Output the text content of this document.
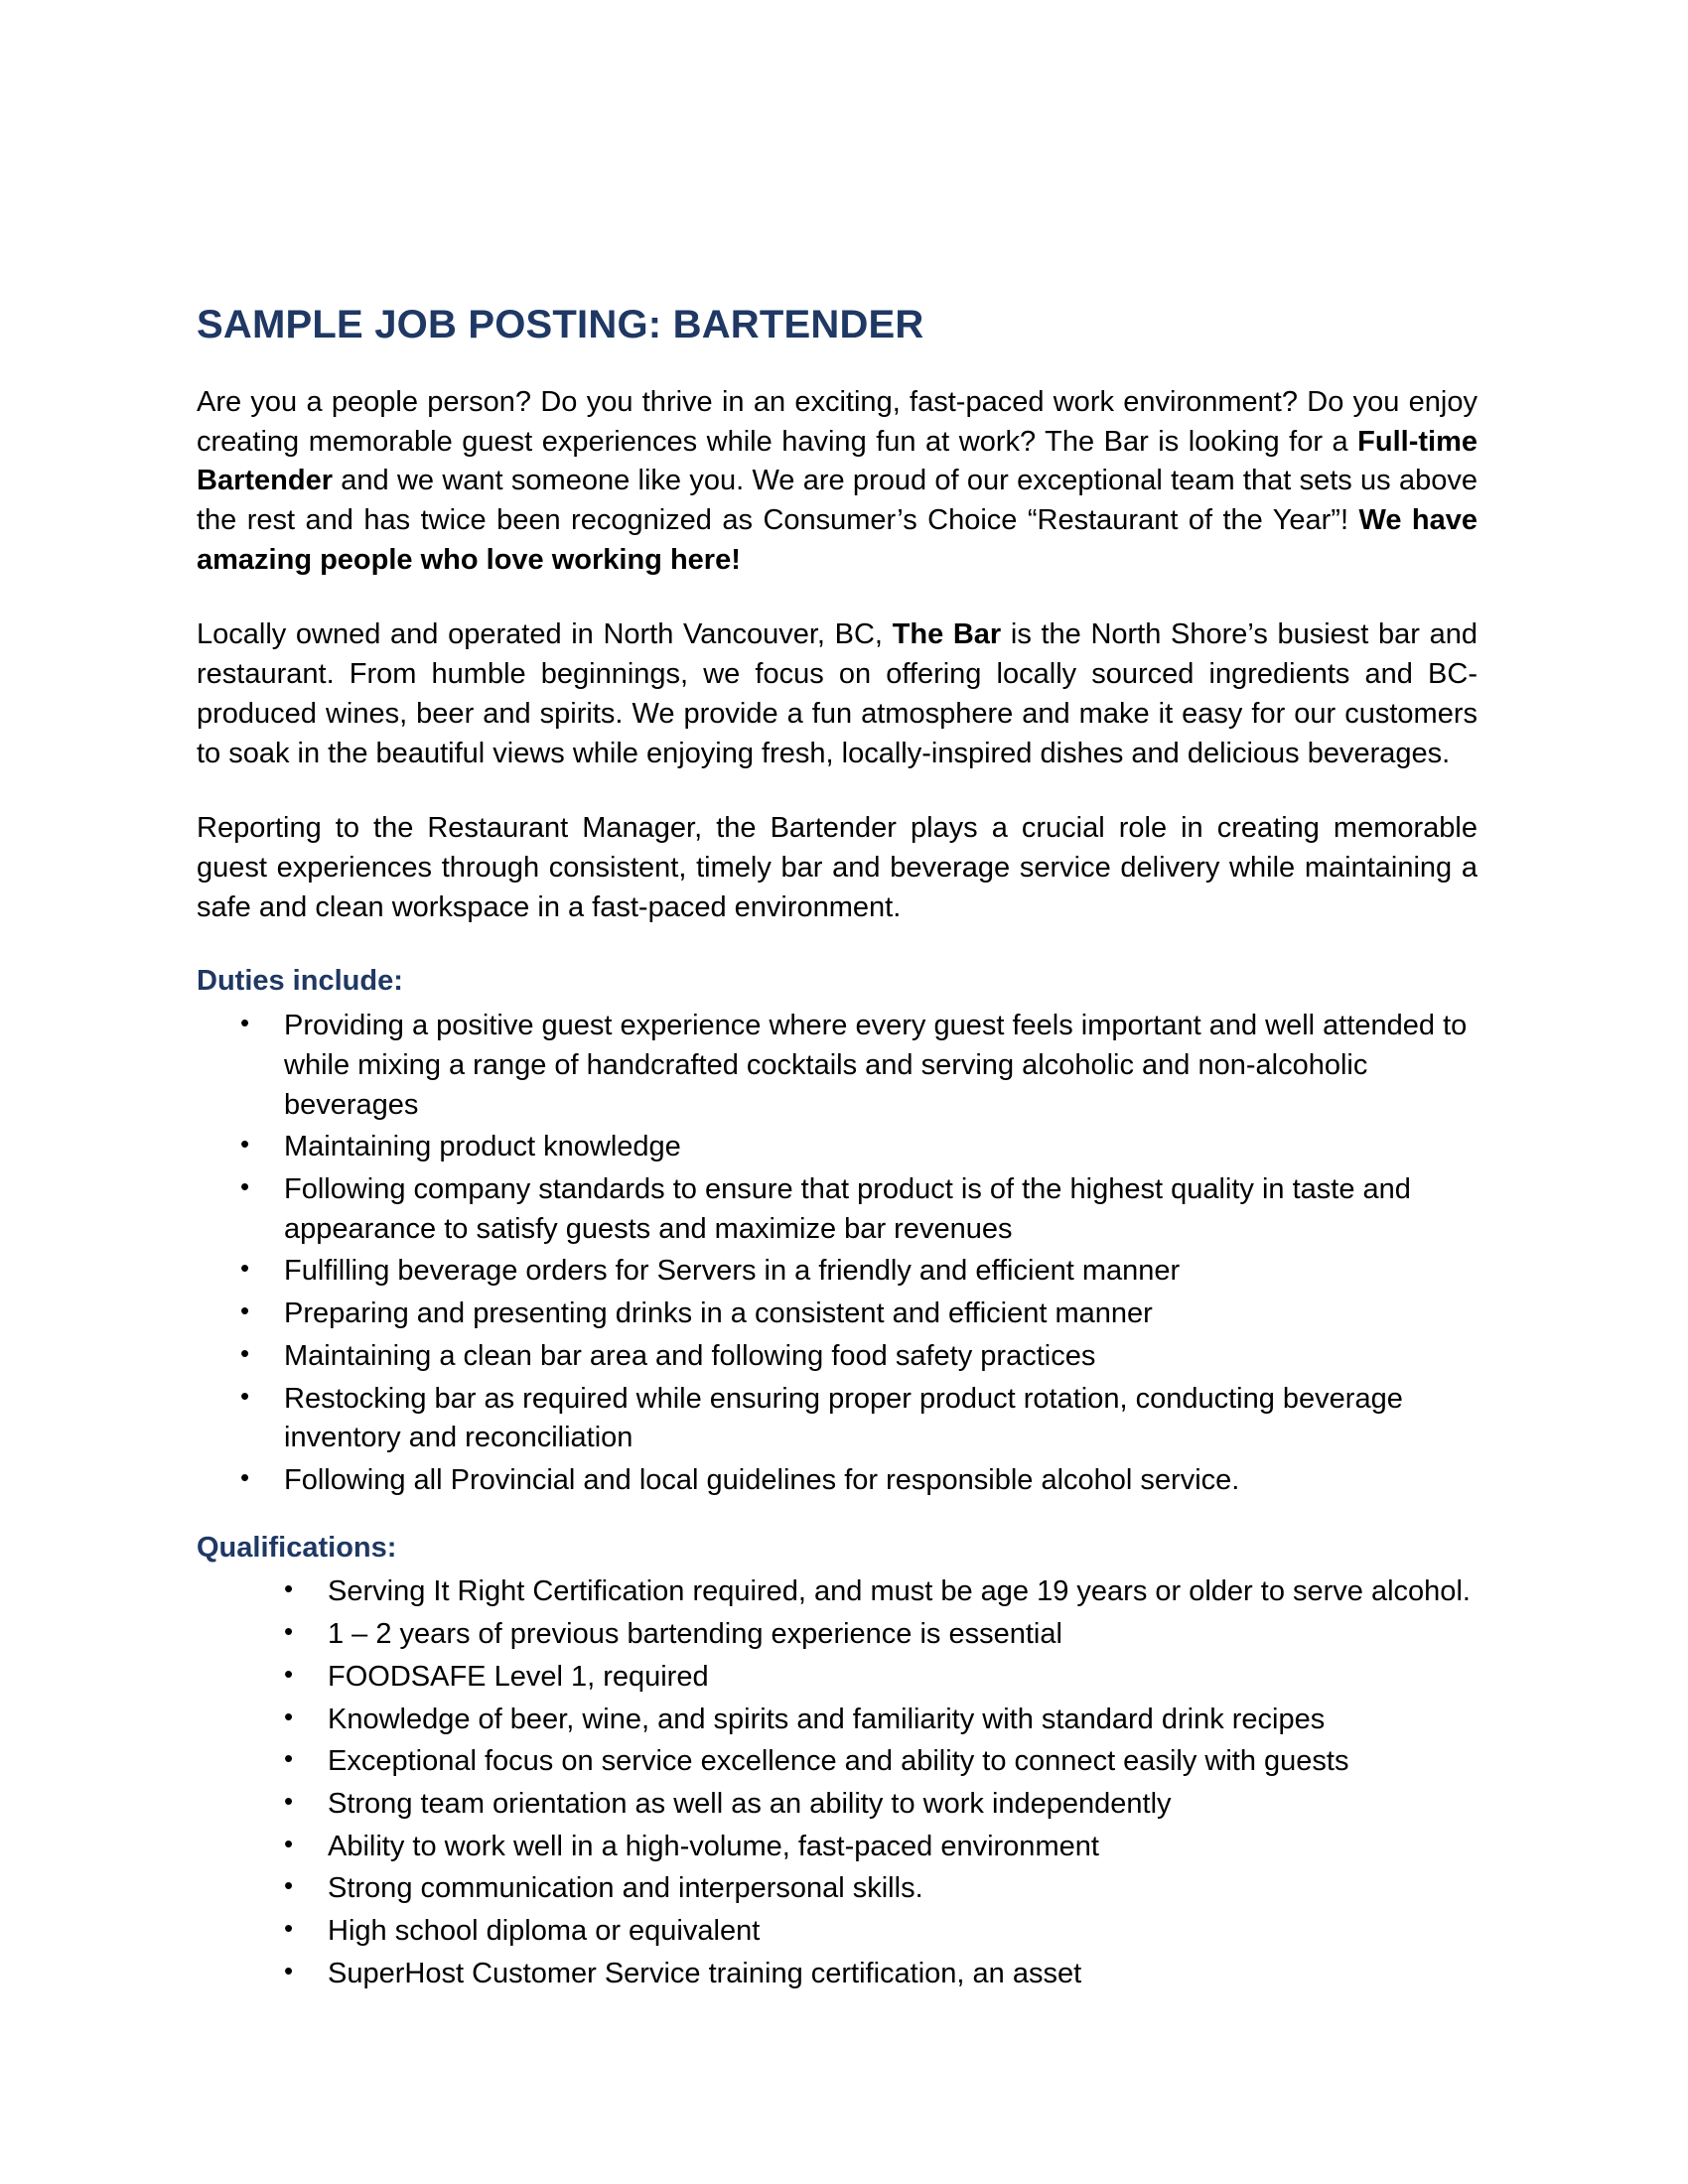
SAMPLE JOB POSTING: BARTENDER

Are you a people person? Do you thrive in an exciting, fast-paced work environment? Do you enjoy creating memorable guest experiences while having fun at work? The Bar is looking for a Full-time Bartender and we want someone like you. We are proud of our exceptional team that sets us above the rest and has twice been recognized as Consumer’s Choice “Restaurant of the Year”! We have amazing people who love working here!

Locally owned and operated in North Vancouver, BC, The Bar is the North Shore’s busiest bar and restaurant. From humble beginnings, we focus on offering locally sourced ingredients and BC-produced wines, beer and spirits. We provide a fun atmosphere and make it easy for our customers to soak in the beautiful views while enjoying fresh, locally-inspired dishes and delicious beverages.

Reporting to the Restaurant Manager, the Bartender plays a crucial role in creating memorable guest experiences through consistent, timely bar and beverage service delivery while maintaining a safe and clean workspace in a fast-paced environment.

Duties include:
• Providing a positive guest experience where every guest feels important and well attended to while mixing a range of handcrafted cocktails and serving alcoholic and non-alcoholic beverages
• Maintaining product knowledge
• Following company standards to ensure that product is of the highest quality in taste and appearance to satisfy guests and maximize bar revenues
• Fulfilling beverage orders for Servers in a friendly and efficient manner
• Preparing and presenting drinks in a consistent and efficient manner
• Maintaining a clean bar area and following food safety practices
• Restocking bar as required while ensuring proper product rotation, conducting beverage inventory and reconciliation
• Following all Provincial and local guidelines for responsible alcohol service.
Qualifications:
• Serving It Right Certification required, and must be age 19 years or older to serve alcohol.
• 1 – 2 years of previous bartending experience is essential
• FOODSAFE Level 1, required
• Knowledge of beer, wine, and spirits and familiarity with standard drink recipes
• Exceptional focus on service excellence and ability to connect easily with guests
• Strong team orientation as well as an ability to work independently
• Ability to work well in a high-volume, fast-paced environment
• Strong communication and interpersonal skills.
• High school diploma or equivalent
• SuperHost Customer Service training certification, an asset
